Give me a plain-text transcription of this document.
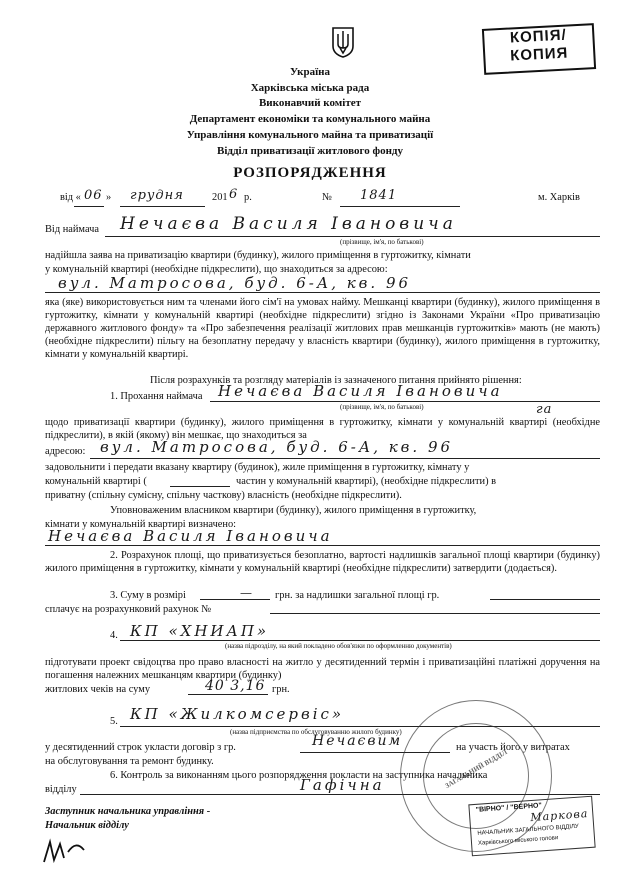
КОПІЯ/
КОПИЯ
Україна
Харківська міська рада
Виконавчий комітет
Департамент економіки та комунального майна
Управління комунального майна та приватизації
Відділ приватизації житлового фонду
РОЗПОРЯДЖЕННЯ
від « 06 » грудня	201 6 р.	№ 1841	м. Харків
Від наймача Нечаєва Василя Івановича
(прізвище, ім'я, по батькові)
надійшла заява на приватизацію квартири (будинку), жилого приміщення в гуртожитку, кімнати
у комунальній квартирі (необхідне підкреслити), що знаходиться за адресою:
вул. Матросова, буд. 6-А, кв. 96
яка (яке) використовується ним та членами його сім'ї на умовах найму. Мешканці квартири (будинку), жилого приміщення в гуртожитку, кімнати у комунальній квартирі (необхідне підкреслити) згідно із Законами України «Про приватизацію державного житлового фонду» та «Про забезпечення реалізації житлових прав мешканців гуртожитків» мають (не мають) (необхідне підкреслити) пільгу на безоплатну передачу у власність квартири (будинку), жилого приміщення в гуртожитку, кімнати у комунальній квартирі.
Після розрахунків та розгляду матеріалів із зазначеного питання прийнято рішення:
1. Прохання наймача Нечаєва Василя Івановича
(прізвище, ім'я, по батькові)	га
щодо приватизації квартири (будинку), жилого приміщення в гуртожитку, кімнати у комунальній квартирі (необхідне підкреслити), в якій (якому) він мешкає, що знаходиться за
адресою: вул. Матросова, буд. 6-А, кв. 96
задовольнити і передати вказану квартиру (будинок), жиле приміщення в гуртожитку, кімнату у
комунальній квартирі (	частин у комунальній квартирі), (необхідне підкреслити) в
приватну (спільну сумісну, спільну часткову) власність (необхідне підкреслити).
Уповноваженим власником квартири (будинку), жилого приміщення в гуртожитку,
кімнати у комунальній квартирі визначено:
Нечаєва Василя Івановича
2. Розрахунок площі, що приватизується безоплатно, вартості надлишків загальної площі квартири (будинку) жилого приміщення в гуртожитку, кімнати у комунальній квартирі (необхідне підкреслити) затвердити (додається).
3. Суму в розмірі	— грн. за надлишки загальної площі гр.
сплачує на розрахунковий рахунок №
4. КП «ХНИАП»
(назва підрозділу, на який покладено обов'язки по оформленню документів)
підготувати проект свідоцтва про право власності на житло у десятиденний термін і приватизаційні платіжні доручення на погашення належних мешканцям квартири (будинку)
житлових чеків на суму	40 3,16 грн.
5. КП «Жилкомсервіс»
(назва підприємства по обслуговуванню жилого будинку)
у десятиденний строк укласти договір з гр.	Нечаєвим	на участь його у витратах
на обслуговування та ремонт будинку.
6. Контроль за виконанням цього розпорядження покласти на заступника начальника
відділу	Гафічна
Заступник начальника управління -
Начальник відділу
ЗАГАЛЬНИЙ ВІДДІЛ
"ВІРНО" / "ВЕРНО"
Маркова
НАЧАЛЬНИК ЗАГАЛЬНОГО ВІДДІЛУ
Харківського міського голови
